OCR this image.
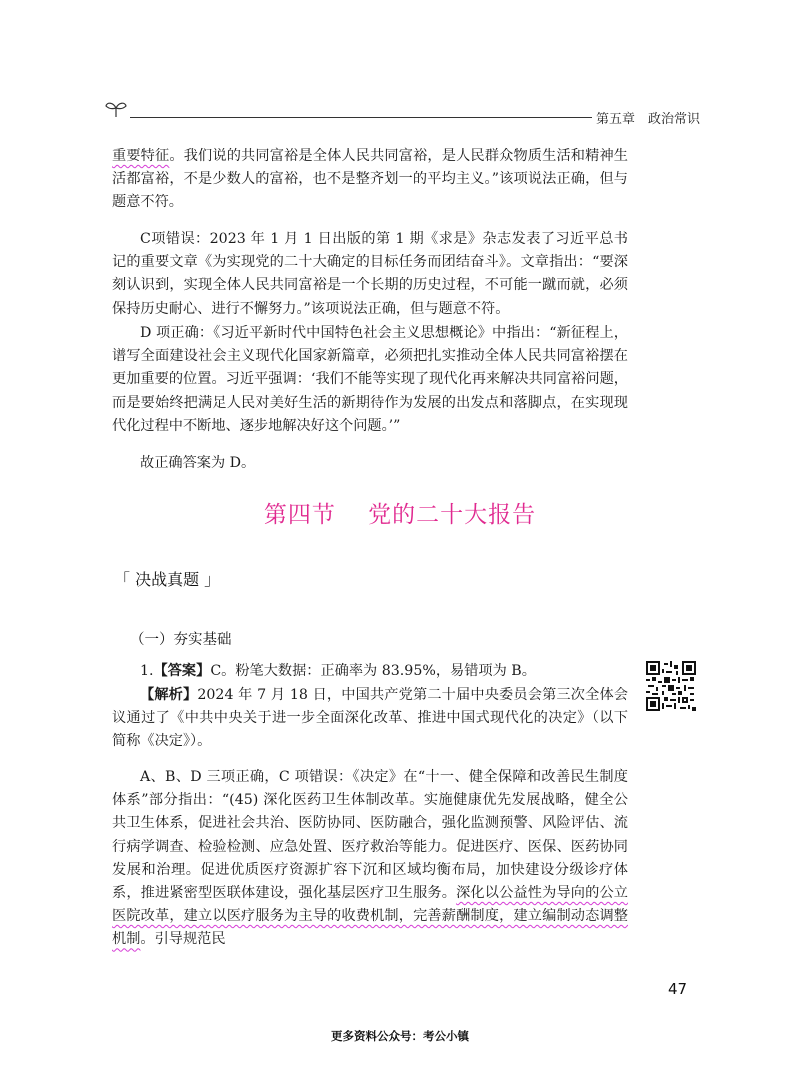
第五章　政治常识

重要特征。我们说的共同富裕是全体人民共同富裕，是人民群众物质生活和精神生活都富裕，不是少数人的富裕，也不是整齐划一的平均主义。”该项说法正确，但与题意不符。

C项错误：2023 年 1 月 1 日出版的第 1 期《求是》杂志发表了习近平总书记的重要文章《为实现党的二十大确定的目标任务而团结奋斗》。文章指出：“要深刻认识到，实现全体人民共同富裕是一个长期的历史过程，不可能一蹴而就，必须保持历史耐心、进行不懈努力。”该项说法正确，但与题意不符。

D 项正确：《习近平新时代中国特色社会主义思想概论》中指出：“新征程上，谱写全面建设社会主义现代化国家新篇章，必须把扎实推动全体人民共同富裕摆在更加重要的位置。习近平强调：‘我们不能等实现了现代化再来解决共同富裕问题，而是要始终把满足人民对美好生活的新期待作为发展的出发点和落脚点，在实现现代化过程中不断地、逐步地解决好这个问题。’”

故正确答案为 D。

第四节　 党的二十大报告
「 决战真题 」
（一）夯实基础

1.【答案】C。粉笔大数据：正确率为 83.95%，易错项为 B。

【解析】2024 年 7 月 18 日，中国共产党第二十届中央委员会第三次全体会议通过了《中共中央关于进一步全面深化改革、推进中国式现代化的决定》（以下简称《决定》）。

A、B、D 三项正确，C 项错误：《决定》在“十一、健全保障和改善民生制度体系”部分指出：“(45) 深化医药卫生体制改革。实施健康优先发展战略，健全公共卫生体系，促进社会共治、医防协同、医防融合，强化监测预警、风险评估、流行病学调查、检验检测、应急处置、医疗救治等能力。促进医疗、医保、医药协同发展和治理。促进优质医疗资源扩容下沉和区域均衡布局，加快建设分级诊疗体系，推进紧密型医联体建设，强化基层医疗卫生服务。深化以公益性为导向的公立医院改革，建立以医疗服务为主导的收费机制，完善薪酬制度，建立编制动态调整机制。引导规范民

47
更多资料公众号：考公小镇
